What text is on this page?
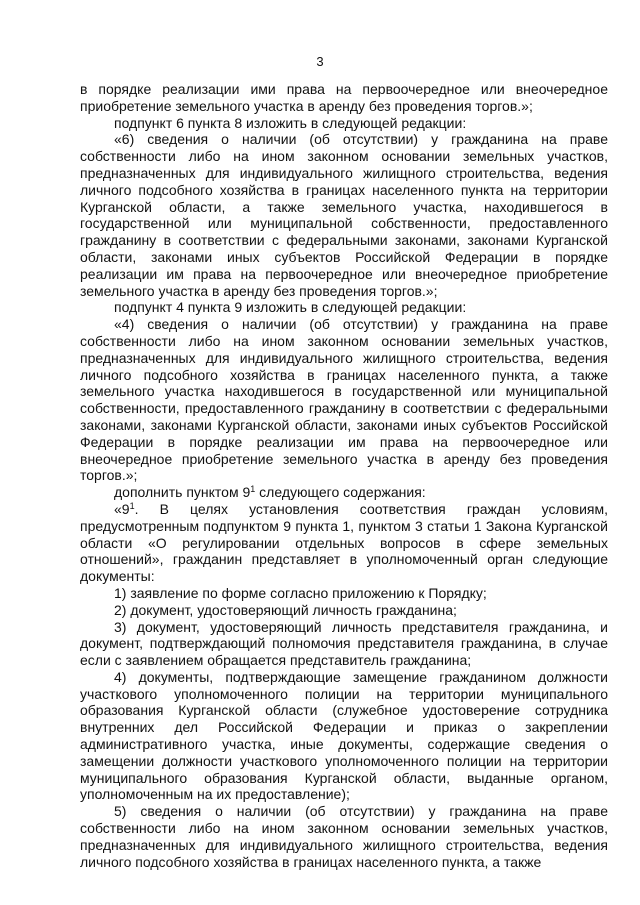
3

в порядке реализации ими права на первоочередное или внеочередное приобретение земельного участка в аренду без проведения торгов.»;

подпункт 6 пункта 8 изложить в следующей редакции:

«6) сведения о наличии (об отсутствии) у гражданина на праве собственности либо на ином законном основании земельных участков, предназначенных для индивидуального жилищного строительства, ведения личного подсобного хозяйства в границах населенного пункта на территории Курганской области, а также земельного участка, находившегося в государственной или муниципальной собственности, предоставленного гражданину в соответствии с федеральными законами, законами Курганской области, законами иных субъектов Российской Федерации в порядке реализации им права на первоочередное или внеочередное приобретение земельного участка в аренду без проведения торгов.»;

подпункт 4 пункта 9 изложить в следующей редакции:

«4) сведения о наличии (об отсутствии) у гражданина на праве собственности либо на ином законном основании земельных участков, предназначенных для индивидуального жилищного строительства, ведения личного подсобного хозяйства в границах населенного пункта, а также земельного участка находившегося в государственной или муниципальной собственности, предоставленного гражданину в соответствии с федеральными законами, законами Курганской области, законами иных субъектов Российской Федерации в порядке реализации им права на первоочередное или внеочередное приобретение земельного участка в аренду без проведения торгов.»;

дополнить пунктом $9^1$ следующего содержания:

«$9^1$. В целях установления соответствия граждан условиям, предусмотренным подпунктом 9 пункта 1, пунктом 3 статьи 1 Закона Курганской области «О регулировании отдельных вопросов в сфере земельных отношений», гражданин представляет в уполномоченный орган следующие документы:

1) заявление по форме согласно приложению к Порядку;

2) документ, удостоверяющий личность гражданина;

3) документ, удостоверяющий личность представителя гражданина, и документ, подтверждающий полномочия представителя гражданина, в случае если с заявлением обращается представитель гражданина;

4) документы, подтверждающие замещение гражданином должности участкового уполномоченного полиции на территории муниципального образования Курганской области (служебное удостоверение сотрудника внутренних дел Российской Федерации и приказ о закреплении административного участка, иные документы, содержащие сведения о замещении должности участкового уполномоченного полиции на территории муниципального образования Курганской области, выданные органом, уполномоченным на их предоставление);

5) сведения о наличии (об отсутствии) у гражданина на праве собственности либо на ином законном основании земельных участков, предназначенных для индивидуального жилищного строительства, ведения личного подсобного хозяйства в границах населенного пункта, а также
